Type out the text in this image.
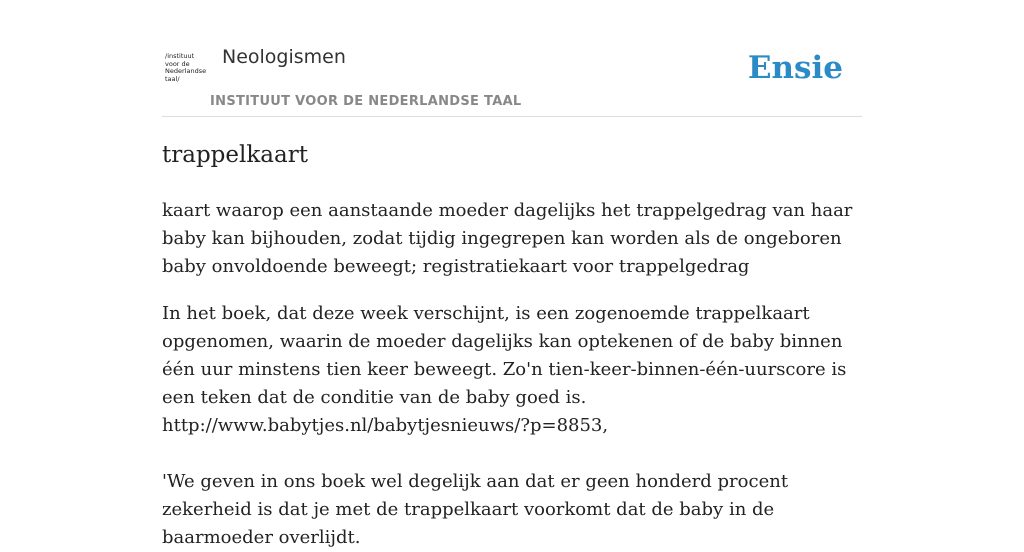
/instituut
voor de
Nederlandse
taal/
Neologismen
INSTITUUT VOOR DE NEDERLANDSE TAAL
Ensie
trappelkaart

kaart waarop een aanstaande moeder dagelijks het trappelgedrag van haar baby kan bijhouden, zodat tijdig ingegrepen kan worden als de ongeboren baby onvoldoende beweegt; registratiekaart voor trappelgedrag

In het boek, dat deze week verschijnt, is een zogenoemde trappelkaart opgenomen, waarin de moeder dagelijks kan optekenen of de baby binnen één uur minstens tien keer beweegt. Zo'n tien-keer-binnen-één-uurscore is een teken dat de conditie van de baby goed is.
http://www.babytjes.nl/babytjesnieuws/?p=8853,
'We geven in ons boek wel degelijk aan dat er geen honderd procent zekerheid is dat je met de trappelkaart voorkomt dat de baby in de baarmoeder overlijdt.
